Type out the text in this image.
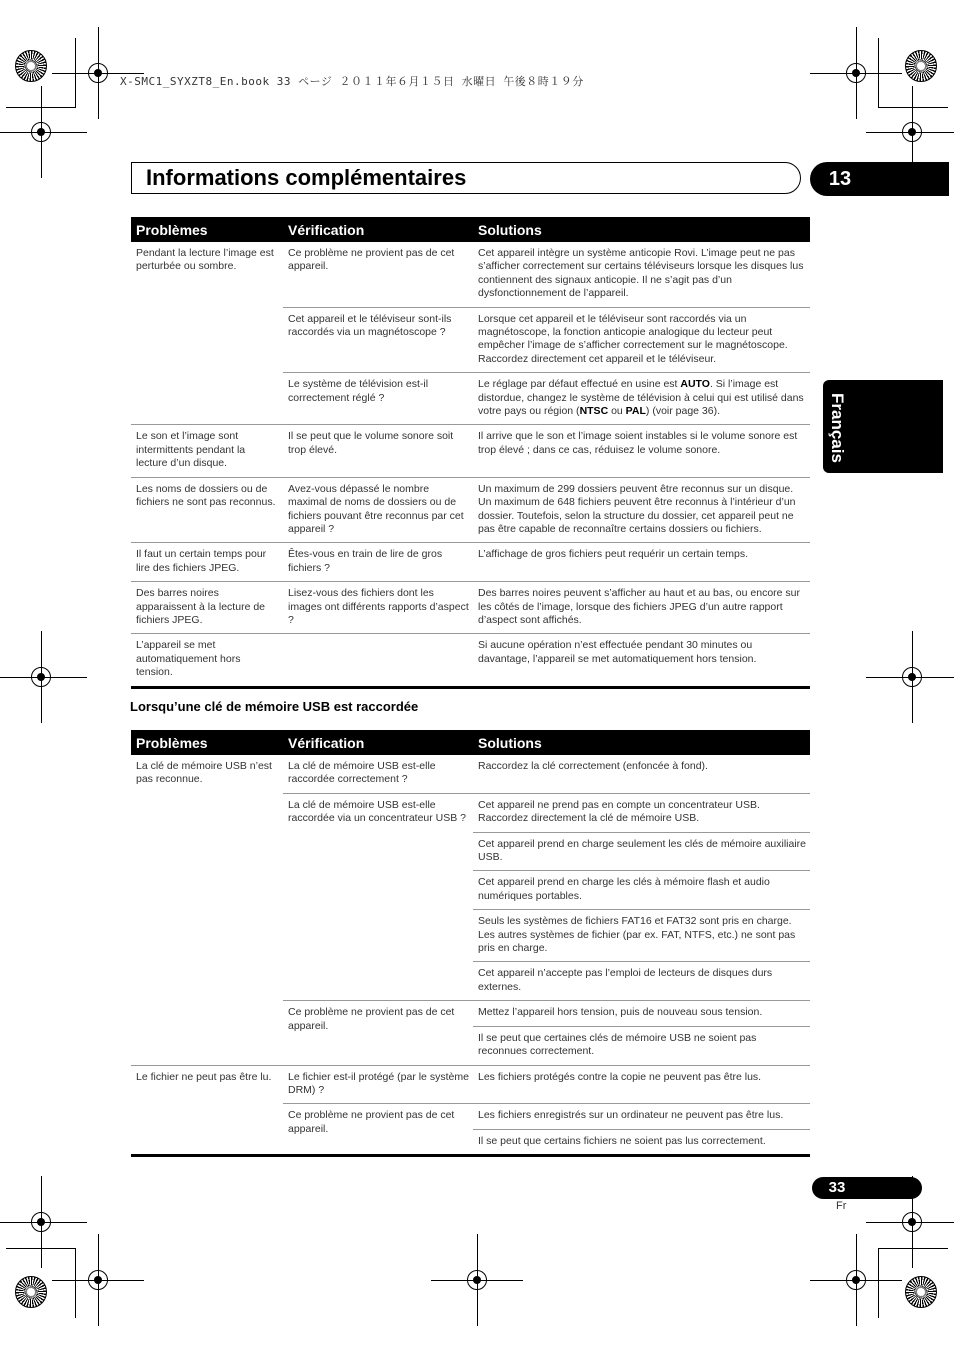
X-SMC1_SYXZT8_En.book 33 ページ ２０１１年６月１５日 水曜日 午後８時１９分
Informations complémentaires	13
Français
Problèmes	Vérification	Solutions
Pendant la lecture l’image est perturbée ou sombre.	Ce problème ne provient pas de cet appareil.	Cet appareil intègre un système anticopie Rovi. L’image peut ne pas s’afficher correctement sur certains téléviseurs lorsque les disques lus contiennent des signaux anticopie. Il ne s’agit pas d’un dysfonctionnement de l’appareil.
	Cet appareil et le téléviseur sont-ils raccordés via un magnétoscope ?	Lorsque cet appareil et le téléviseur sont raccordés via un magnétoscope, la fonction anticopie analogique du lecteur peut empêcher l’image de s’afficher correctement sur le magnétoscope. Raccordez directement cet appareil et le téléviseur.
	Le système de télévision est-il correctement réglé ?	Le réglage par défaut effectué en usine est AUTO. Si l’image est distordue, changez le système de télévision à celui qui est utilisé dans votre pays ou région (NTSC ou PAL) (voir page 36).
Le son et l’image sont intermittents pendant la lecture d’un disque.	Il se peut que le volume sonore soit trop élevé.	Il arrive que le son et l’image soient instables si le volume sonore est trop élevé ; dans ce cas, réduisez le volume sonore.
Les noms de dossiers ou de fichiers ne sont pas reconnus.	Avez-vous dépassé le nombre maximal de noms de dossiers ou de fichiers pouvant être reconnus par cet appareil ?	Un maximum de 299 dossiers peuvent être reconnus sur un disque. Un maximum de 648 fichiers peuvent être reconnus à l’intérieur d’un dossier. Toutefois, selon la structure du dossier, cet appareil peut ne pas être capable de reconnaître certains dossiers ou fichiers.
Il faut un certain temps pour lire des fichiers JPEG.	Êtes-vous en train de lire de gros fichiers ?	L’affichage de gros fichiers peut requérir un certain temps.
Des barres noires apparaissent à la lecture de fichiers JPEG.	Lisez-vous des fichiers dont les images ont différents rapports d’aspect ?	Des barres noires peuvent s’afficher au haut et au bas, ou encore sur les côtés de l’image, lorsque des fichiers JPEG d’un autre rapport d’aspect sont affichés.
L’appareil se met automatiquement hors tension.		Si aucune opération n’est effectuée pendant 30 minutes ou davantage, l’appareil se met automatiquement hors tension.
Lorsqu’une clé de mémoire USB est raccordée
Problèmes	Vérification	Solutions
La clé de mémoire USB n’est pas reconnue.	La clé de mémoire USB est-elle raccordée correctement ?	Raccordez la clé correctement (enfoncée à fond).
	La clé de mémoire USB est-elle raccordée via un concentrateur USB ?	Cet appareil ne prend pas en compte un concentrateur USB. Raccordez directement la clé de mémoire USB.
		Cet appareil prend en charge seulement les clés de mémoire auxiliaire USB.
		Cet appareil prend en charge les clés à mémoire flash et audio numériques portables.
		Seuls les systèmes de fichiers FAT16 et FAT32 sont pris en charge. Les autres systèmes de fichier (par ex. FAT, NTFS, etc.) ne sont pas pris en charge.
		Cet appareil n’accepte pas l’emploi de lecteurs de disques durs externes.
	Ce problème ne provient pas de cet appareil.	Mettez l’appareil hors tension, puis de nouveau sous tension.
		Il se peut que certaines clés de mémoire USB ne soient pas reconnues correctement.
Le fichier ne peut pas être lu.	Le fichier est-il protégé (par le système DRM) ?	Les fichiers protégés contre la copie ne peuvent pas être lus.
	Ce problème ne provient pas de cet appareil.	Les fichiers enregistrés sur un ordinateur ne peuvent pas être lus.
		Il se peut que certains fichiers ne soient pas lus correctement.
33
Fr
